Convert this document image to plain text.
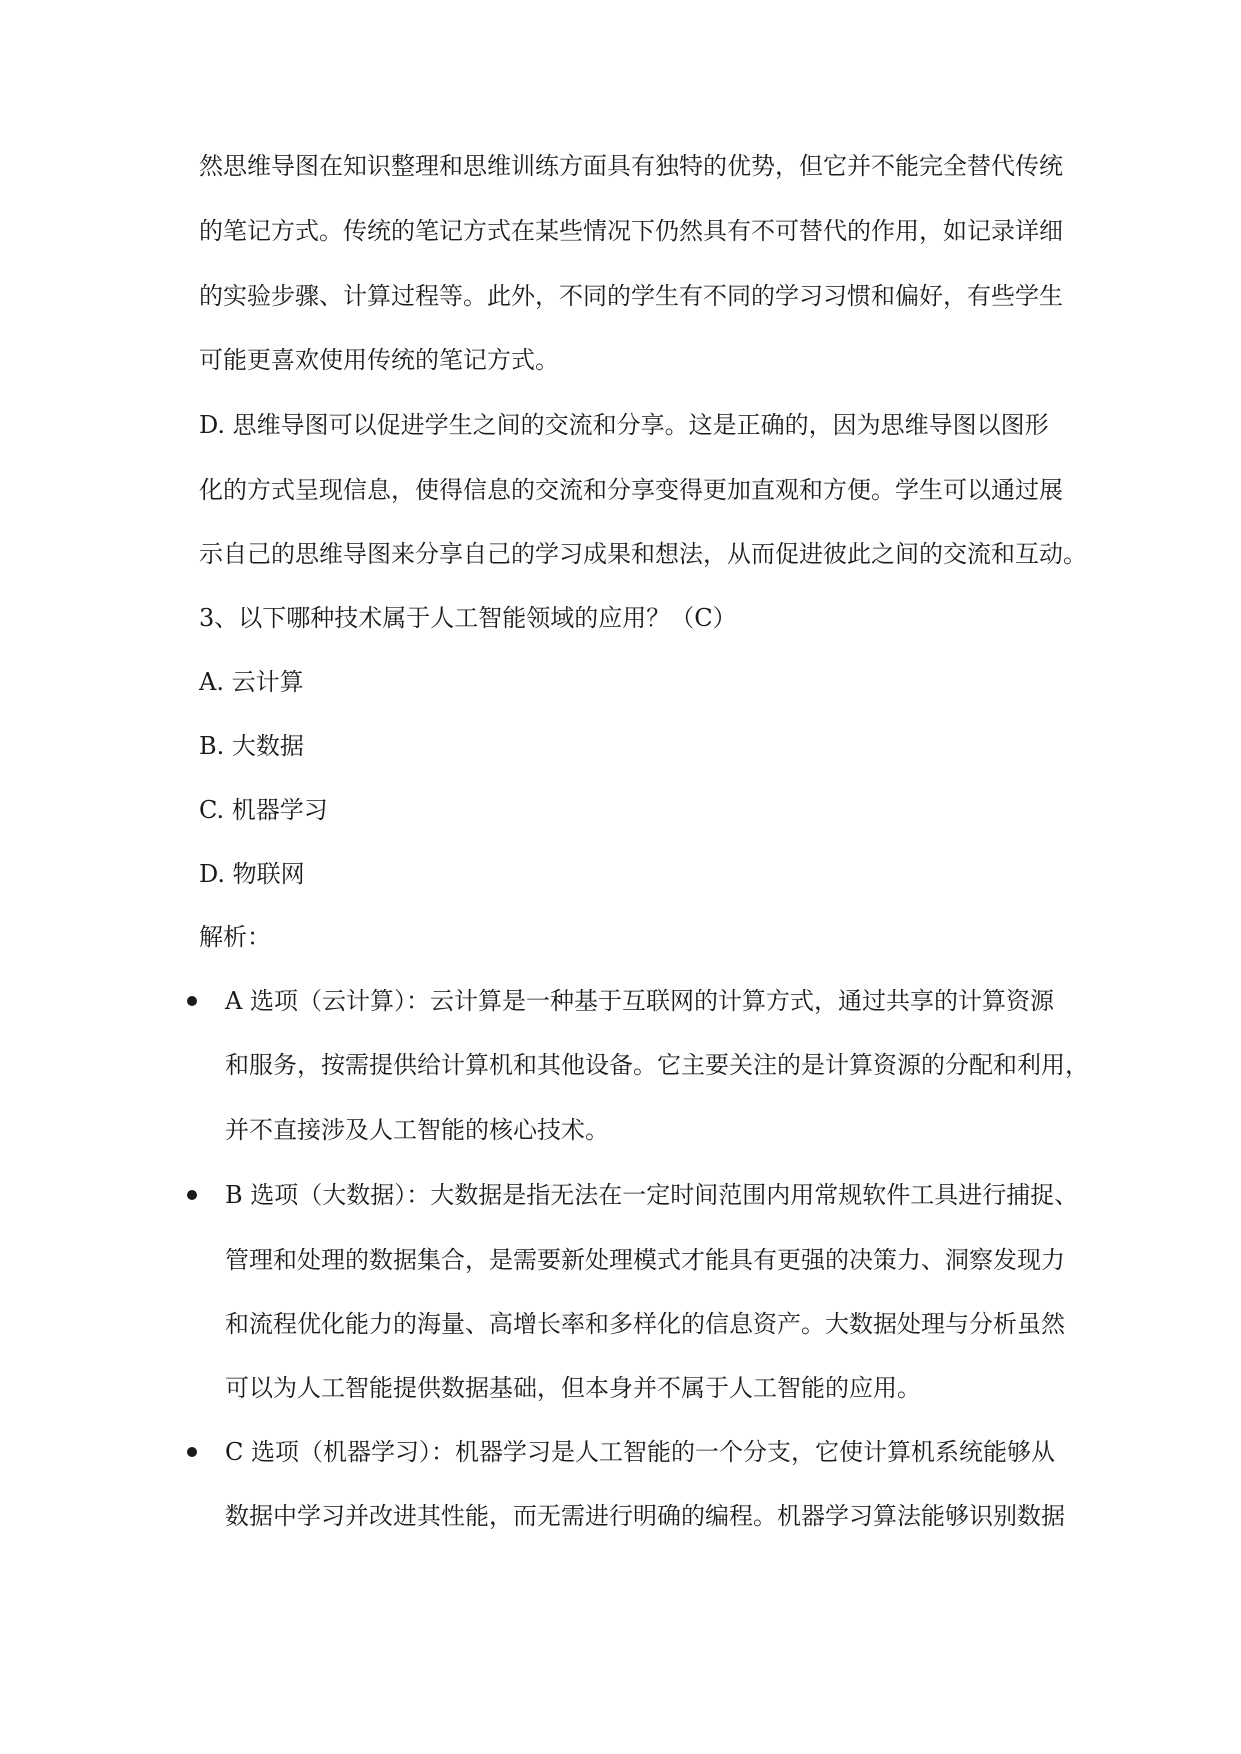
然思维导图在知识整理和思维训练方面具有独特的优势，但它并不能完全替代传统
的笔记方式。传统的笔记方式在某些情况下仍然具有不可替代的作用，如记录详细
的实验步骤、计算过程等。此外，不同的学生有不同的学习习惯和偏好，有些学生
可能更喜欢使用传统的笔记方式。
D. 思维导图可以促进学生之间的交流和分享。这是正确的，因为思维导图以图形
化的方式呈现信息，使得信息的交流和分享变得更加直观和方便。学生可以通过展
示自己的思维导图来分享自己的学习成果和想法，从而促进彼此之间的交流和互动。
3、以下哪种技术属于人工智能领域的应用？（C）
A. 云计算
B. 大数据
C. 机器学习
D. 物联网
解析：
A 选项（云计算）：云计算是一种基于互联网的计算方式，通过共享的计算资源
和服务，按需提供给计算机和其他设备。它主要关注的是计算资源的分配和利用，
并不直接涉及人工智能的核心技术。
B 选项（大数据）：大数据是指无法在一定时间范围内用常规软件工具进行捕捉、
管理和处理的数据集合，是需要新处理模式才能具有更强的决策力、洞察发现力
和流程优化能力的海量、高增长率和多样化的信息资产。大数据处理与分析虽然
可以为人工智能提供数据基础，但本身并不属于人工智能的应用。
C 选项（机器学习）：机器学习是人工智能的一个分支，它使计算机系统能够从
数据中学习并改进其性能，而无需进行明确的编程。机器学习算法能够识别数据
